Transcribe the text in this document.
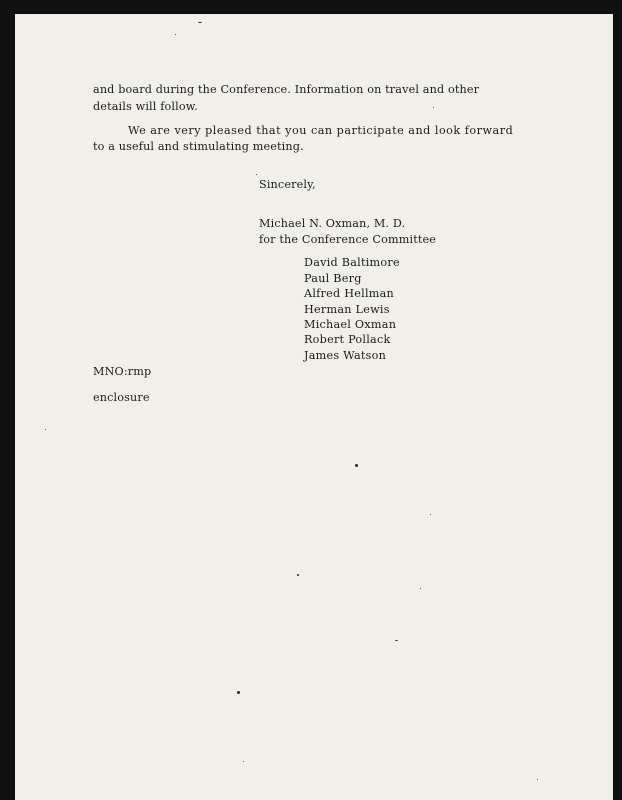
and board during the Conference. Information on travel and other
details will follow.
We are very pleased that you can participate and look forward
to a useful and stimulating meeting.
Sincerely,
Michael N. Oxman, M. D.
for the Conference Committee
David Baltimore
Paul Berg
Alfred Hellman
Herman Lewis
Michael Oxman
Robert Pollack
James Watson
MNO:rmp
enclosure
